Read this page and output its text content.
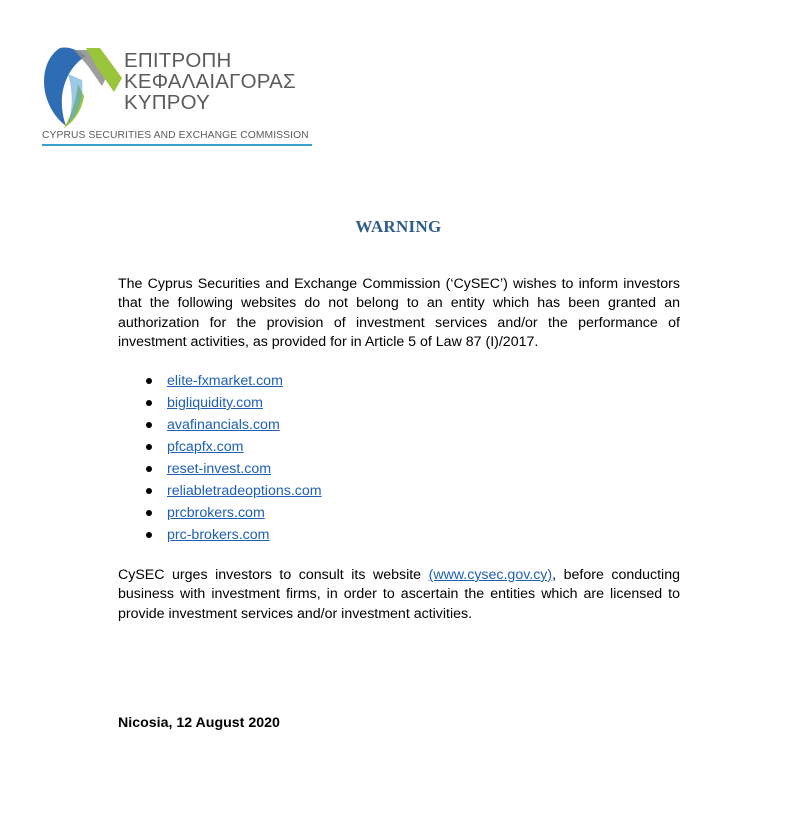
ΕΠΙΤΡΟΠΗ
ΚΕΦΑΛΑΙΑΓΟΡΑΣ
ΚΥΠΡΟΥ
CYPRUS SECURITIES AND EXCHANGE COMMISSION
WARNING

The Cyprus Securities and Exchange Commission (‘CySEC’) wishes to inform investors that the following websites do not belong to an entity which has been granted an authorization for the provision of investment services and/or the performance of investment activities, as provided for in Article 5 of Law 87 (I)/2017.

elite-fxmarket.com
bigliquidity.com
avafinancials.com
pfcapfx.com
reset-invest.com
reliabletradeoptions.com
prcbrokers.com
prc-brokers.com

CySEC urges investors to consult its website (www.cysec.gov.cy), before conducting business with investment firms, in order to ascertain the entities which are licensed to provide investment services and/or investment activities.

Nicosia, 12 August 2020
